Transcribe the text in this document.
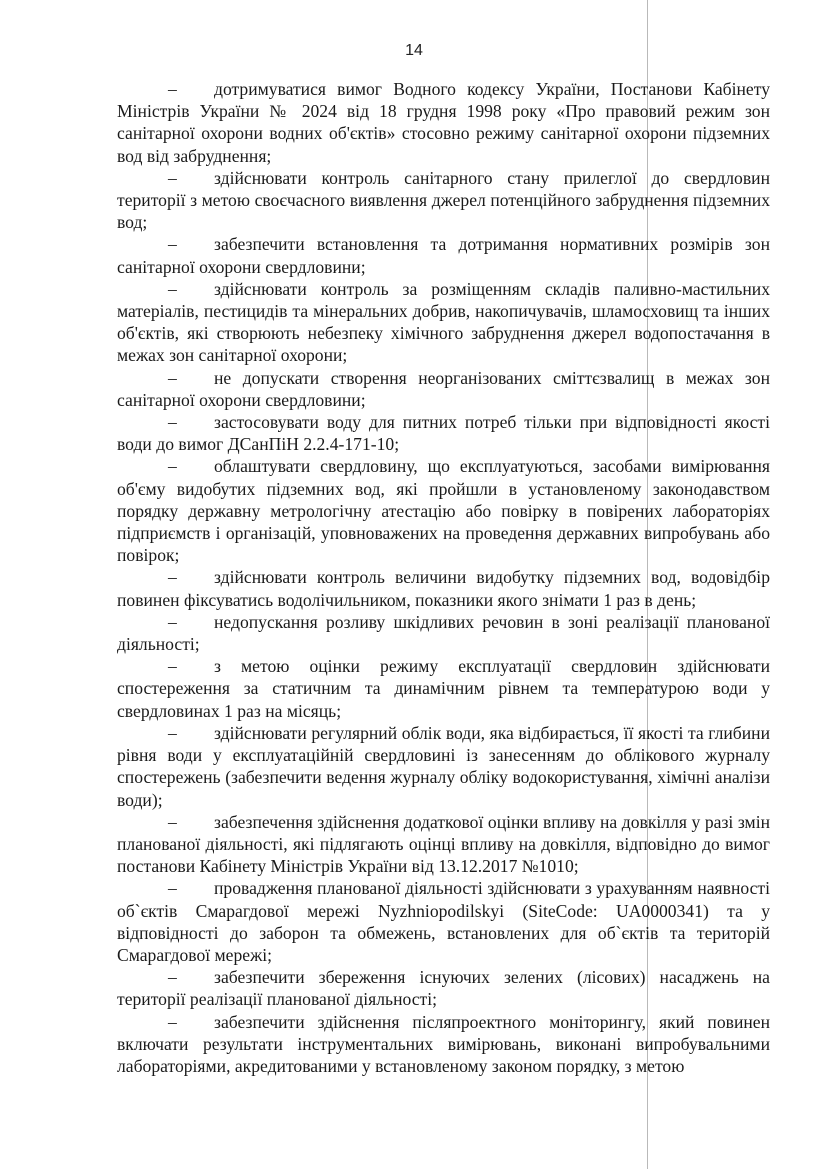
14

– дотримуватися вимог Водного кодексу України, Постанови Кабінету Міністрів України № 2024 від 18 грудня 1998 року «Про правовий режим зон санітарної охорони водних об'єктів» стосовно режиму санітарної охорони підземних вод від забруднення;

– здійснювати контроль санітарного стану прилеглої до свердловин території з метою своєчасного виявлення джерел потенційного забруднення підземних вод;

– забезпечити встановлення та дотримання нормативних розмірів зон санітарної охорони свердловини;

– здійснювати контроль за розміщенням складів паливно-мастильних матеріалів, пестицидів та мінеральних добрив, накопичувачів, шламосховищ та інших об'єктів, які створюють небезпеку хімічного забруднення джерел водопостачання в межах зон санітарної охорони;

– не допускати створення неорганізованих сміттєзвалищ в межах зон санітарної охорони свердловини;

– застосовувати воду для питних потреб тільки при відповідності якості води до вимог ДСанПіН 2.2.4-171-10;

– облаштувати свердловину, що експлуатуються, засобами вимірювання об'єму видобутих підземних вод, які пройшли в установленому законодавством порядку державну метрологічну атестацію або повірку в повірених лабораторіях підприємств і організацій, уповноважених на проведення державних випробувань або повірок;

– здійснювати контроль величини видобутку підземних вод, водовідбір повинен фіксуватись водолічильником, показники якого знімати 1 раз в день;

– недопускання розливу шкідливих речовин в зоні реалізації планованої діяльності;

– з метою оцінки режиму експлуатації свердловин здійснювати спостереження за статичним та динамічним рівнем та температурою води у свердловинах 1 раз на місяць;

– здійснювати регулярний облік води, яка відбирається, її якості та глибини рівня води у експлуатаційній свердловині із занесенням до облікового журналу спостережень (забезпечити ведення журналу обліку водокористування, хімічні аналізи води);

– забезпечення здійснення додаткової оцінки впливу на довкілля у разі змін планованої діяльності, які підлягають оцінці впливу на довкілля, відповідно до вимог постанови Кабінету Міністрів України від 13.12.2017 №1010;

– провадження планованої діяльності здійснювати з урахуванням наявності об`єктів Смарагдової мережі Nyzhniopodilskyi (SiteCode: UA0000341) та у відповідності до заборон та обмежень, встановлених для об`єктів та територій Смарагдової мережі;

– забезпечити збереження існуючих зелених (лісових) насаджень на території реалізації планованої діяльності;

– забезпечити здійснення післяпроектного моніторингу, який повинен включати результати інструментальних вимірювань, виконані випробувальними лабораторіями, акредитованими у встановленому законом порядку, з метою
